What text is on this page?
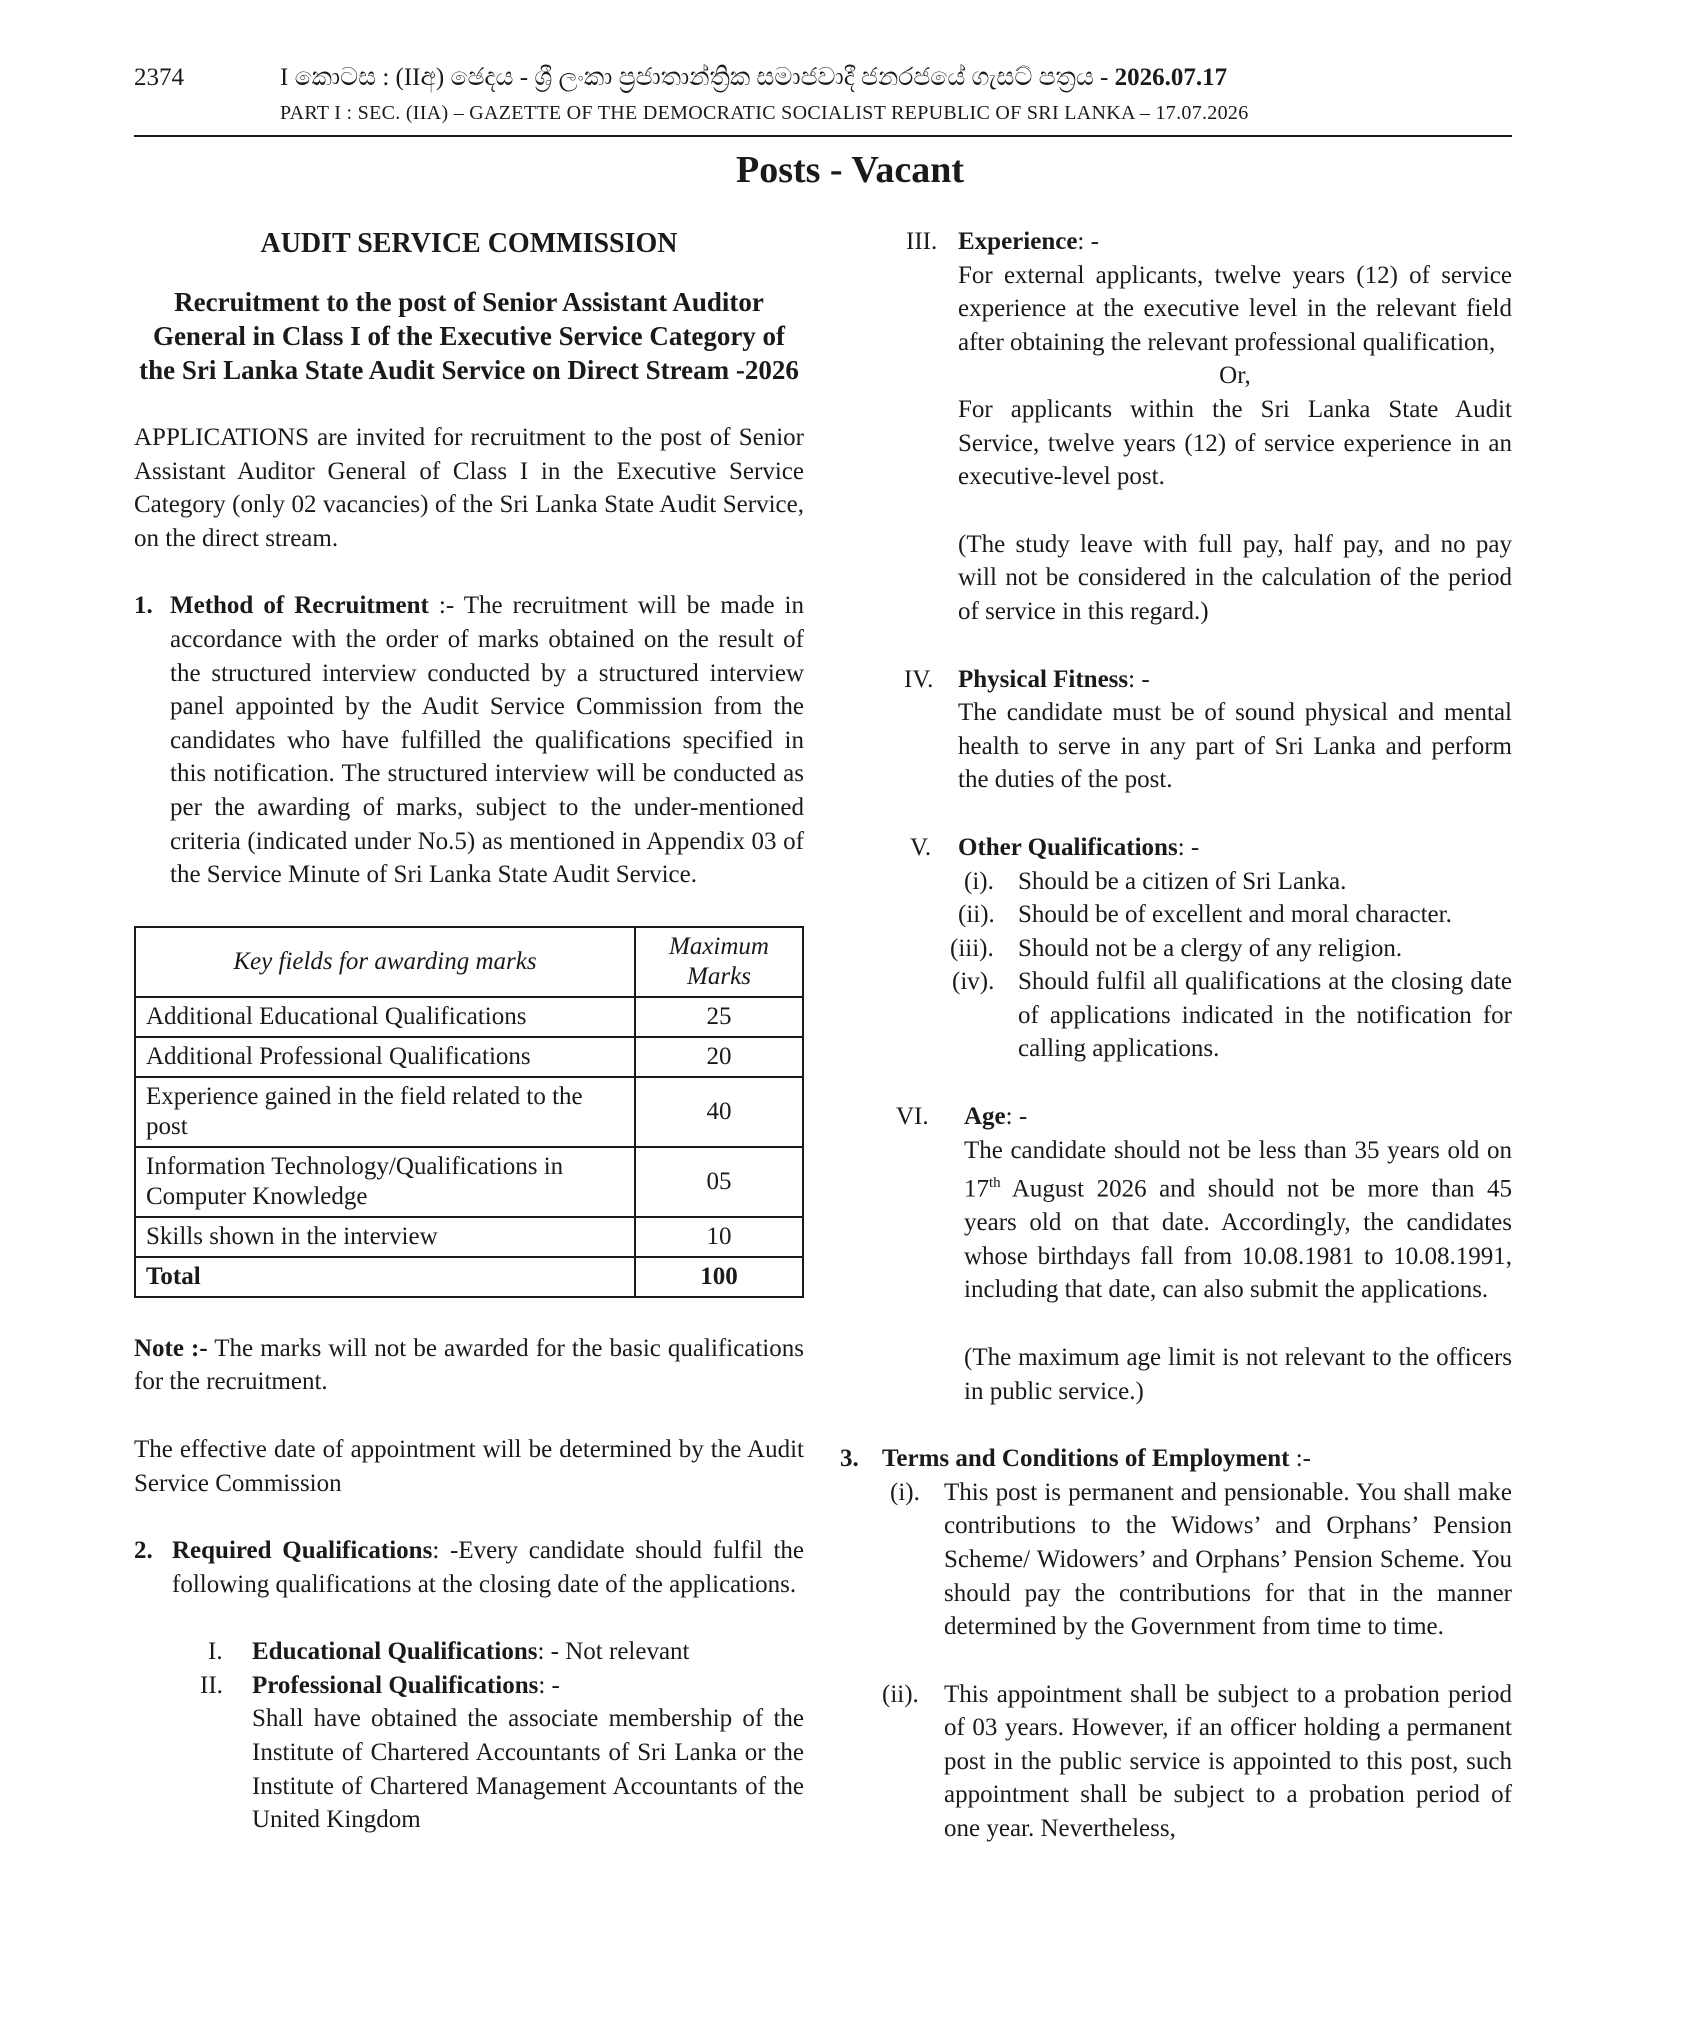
2374	I කොටස : (IIඅ) ඡෙදය - ශ්‍රී ලංකා ප්‍රජාතාන්ත්‍රික සමාජවාදී ජනරජයේ ගැසට් පත්‍රය - 2026.07.17
PART I : SEC. (IIA) – GAZETTE OF THE DEMOCRATIC SOCIALIST REPUBLIC OF SRI LANKA – 17.07.2026
Posts - Vacant
AUDIT SERVICE COMMISSION
Recruitment to the post of Senior Assistant Auditor General in Class I of the Executive Service Category of the Sri Lanka State Audit Service on Direct Stream -2026

APPLICATIONS are invited for recruitment to the post of Senior Assistant Auditor General of Class I in the Executive Service Category (only 02 vacancies) of the Sri Lanka State Audit Service, on the direct stream.

1. Method of Recruitment :- The recruitment will be made in accordance with the order of marks obtained on the result of the structured interview conducted by a structured interview panel appointed by the Audit Service Commission from the candidates who have fulfilled the qualifications specified in this notification. The structured interview will be conducted as per the awarding of marks, subject to the under-mentioned criteria (indicated under No.5) as mentioned in Appendix 03 of the Service Minute of Sri Lanka State Audit Service.
Key fields for awarding marks	Maximum Marks
Additional Educational Qualifications	25
Additional Professional Qualifications	20
Experience gained in the field related to the post	40
Information Technology/Qualifications in Computer Knowledge	05
Skills shown in the interview	10
Total	100

Note :- The marks will not be awarded for the basic qualifications for the recruitment.

The effective date of appointment will be determined by the Audit Service Commission

2. Required Qualifications: -Every candidate should fulfil the following qualifications at the closing date of the applications.
I. Educational Qualifications: - Not relevant
II. Professional Qualifications: -
Shall have obtained the associate membership of the Institute of Chartered Accountants of Sri Lanka or the Institute of Chartered Management Accountants of the United Kingdom
III. Experience: -
For external applicants, twelve years (12) of service experience at the executive level in the relevant field after obtaining the relevant professional qualification,
Or,
For applicants within the Sri Lanka State Audit Service, twelve years (12) of service experience in an executive-level post.
(The study leave with full pay, half pay, and no pay will not be considered in the calculation of the period of service in this regard.)
IV. Physical Fitness: -
The candidate must be of sound physical and mental health to serve in any part of Sri Lanka and perform the duties of the post.
V. Other Qualifications: -
(i). Should be a citizen of Sri Lanka.
(ii). Should be of excellent and moral character.
(iii). Should not be a clergy of any religion.
(iv). Should fulfil all qualifications at the closing date of applications indicated in the notification for calling applications.
VI. Age: -
The candidate should not be less than 35 years old on 17th August 2026 and should not be more than 45 years old on that date. Accordingly, the candidates whose birthdays fall from 10.08.1981 to 10.08.1991, including that date, can also submit the applications.
(The maximum age limit is not relevant to the officers in public service.)
3. Terms and Conditions of Employment :-
(i). This post is permanent and pensionable. You shall make contributions to the Widows’ and Orphans’ Pension Scheme/ Widowers’ and Orphans’ Pension Scheme. You should pay the contributions for that in the manner determined by the Government from time to time.
(ii). This appointment shall be subject to a probation period of 03 years. However, if an officer holding a permanent post in the public service is appointed to this post, such appointment shall be subject to a probation period of one year. Nevertheless,
